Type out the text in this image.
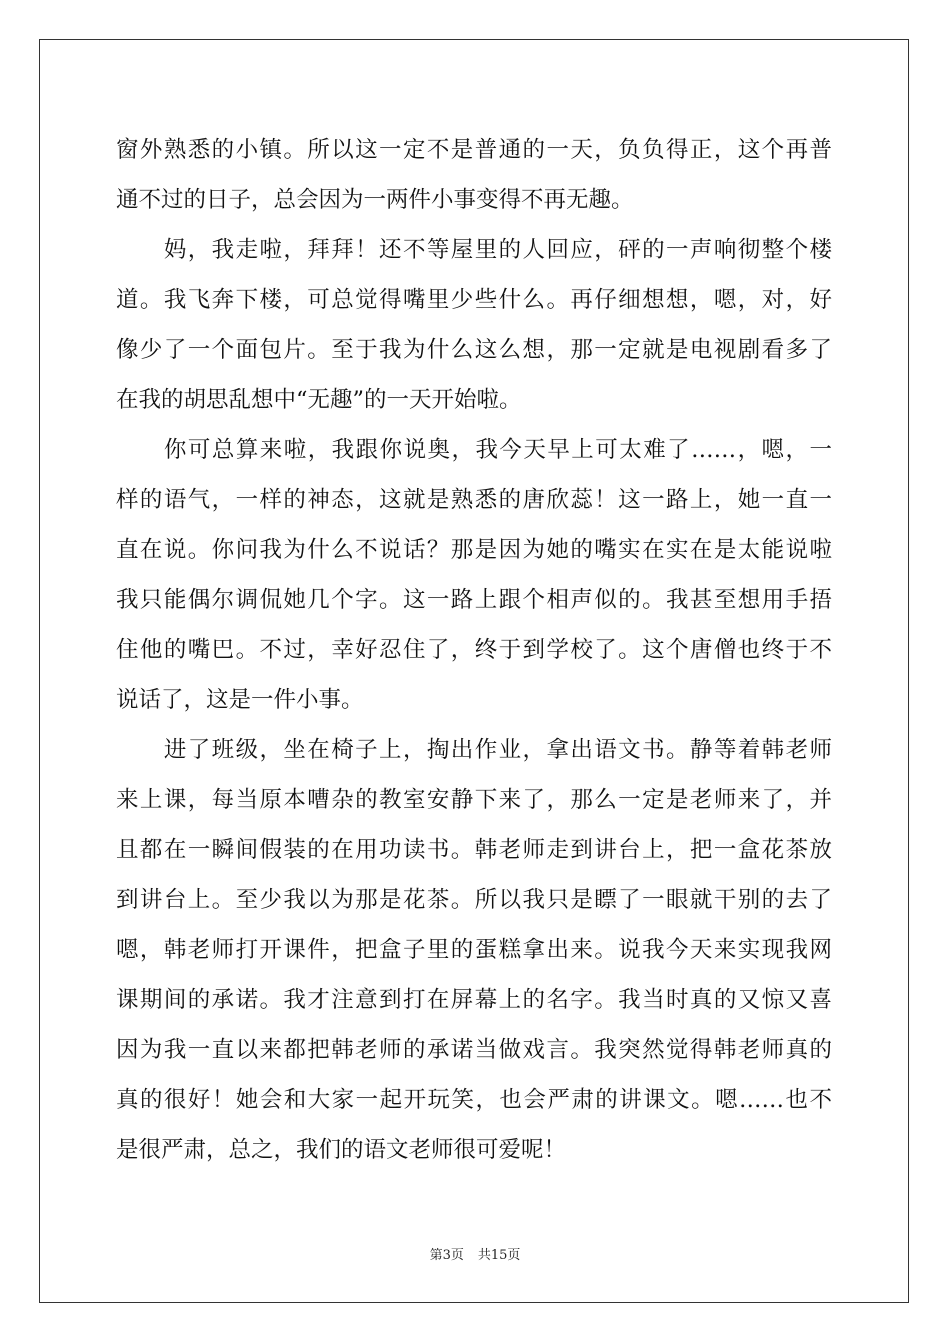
窗外熟悉的小镇。所以这一定不是普通的一天，负负得正，这个再普
通不过的日子，总会因为一两件小事变得不再无趣。
　　妈，我走啦，拜拜！还不等屋里的人回应，砰的一声响彻整个楼
道。我飞奔下楼，可总觉得嘴里少些什么。再仔细想想，嗯，对，好
像少了一个面包片。至于我为什么这么想，那一定就是电视剧看多了
在我的胡思乱想中“无趣”的一天开始啦。
　　你可总算来啦，我跟你说奥，我今天早上可太难了……，嗯，一
样的语气，一样的神态，这就是熟悉的唐欣蕊！这一路上，她一直一
直在说。你问我为什么不说话？那是因为她的嘴实在实在是太能说啦
我只能偶尔调侃她几个字。这一路上跟个相声似的。我甚至想用手捂
住他的嘴巴。不过，幸好忍住了，终于到学校了。这个唐僧也终于不
说话了，这是一件小事。
　　进了班级，坐在椅子上，掏出作业，拿出语文书。静等着韩老师
来上课，每当原本嘈杂的教室安静下来了，那么一定是老师来了，并
且都在一瞬间假装的在用功读书。韩老师走到讲台上，把一盒花茶放
到讲台上。至少我以为那是花茶。所以我只是瞟了一眼就干别的去了
嗯，韩老师打开课件，把盒子里的蛋糕拿出来。说我今天来实现我网
课期间的承诺。我才注意到打在屏幕上的名字。我当时真的又惊又喜
因为我一直以来都把韩老师的承诺当做戏言。我突然觉得韩老师真的
真的很好！她会和大家一起开玩笑，也会严肃的讲课文。嗯……也不
是很严肃，总之，我们的语文老师很可爱呢！
第3页 共15页
